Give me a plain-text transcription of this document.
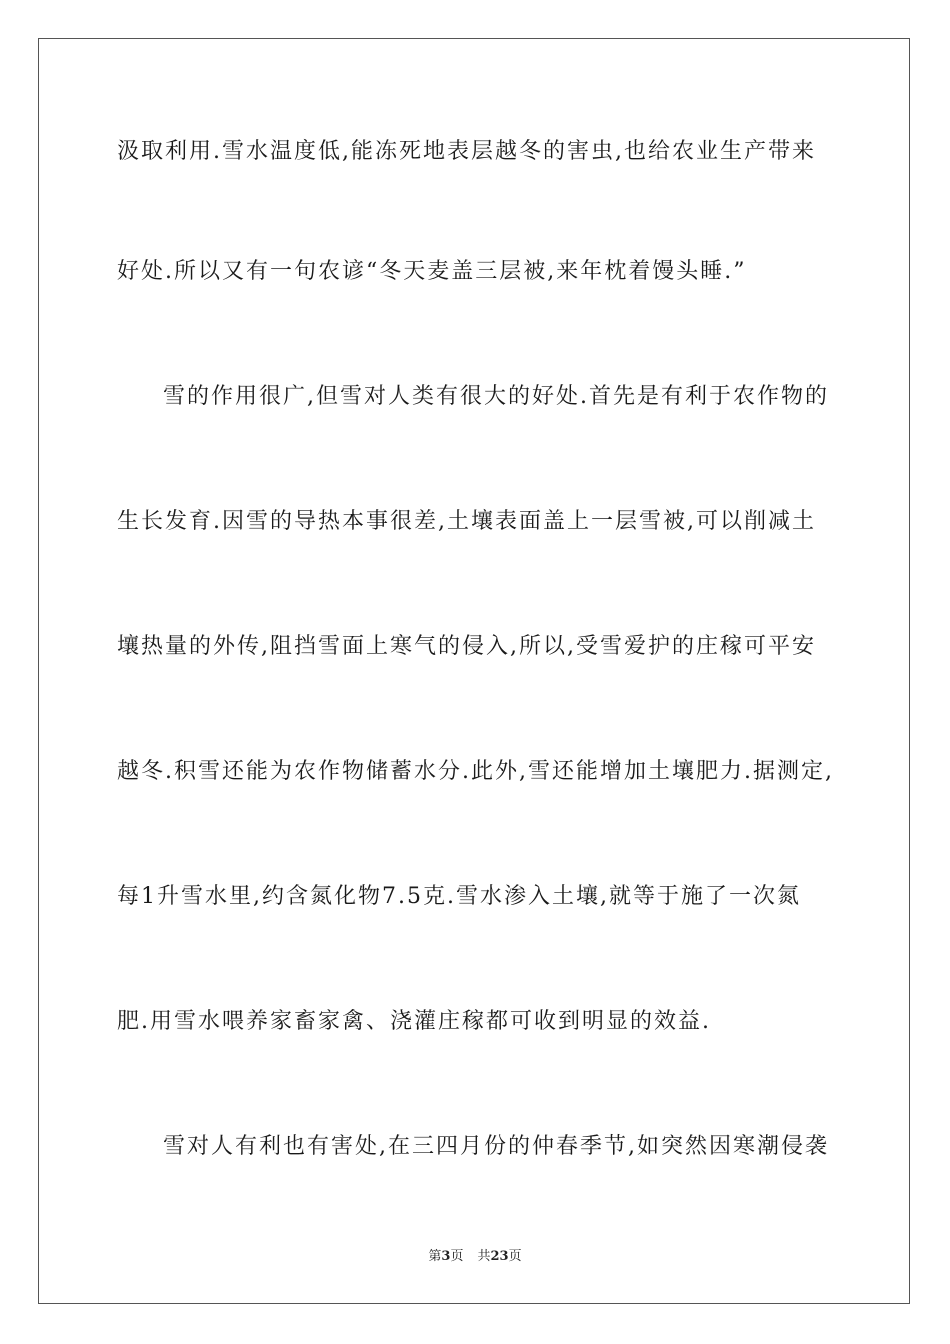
汲取利用.雪水温度低,能冻死地表层越冬的害虫,也给农业生产带来
好处.所以又有一句农谚“冬天麦盖三层被,来年枕着馒头睡.”
雪的作用很广,但雪对人类有很大的好处.首先是有利于农作物的
生长发育.因雪的导热本事很差,土壤表面盖上一层雪被,可以削减土
壤热量的外传,阻挡雪面上寒气的侵入,所以,受雪爱护的庄稼可平安
越冬.积雪还能为农作物储蓄水分.此外,雪还能增加土壤肥力.据测定,
每1升雪水里,约含氮化物7.5克.雪水渗入土壤,就等于施了一次氮
肥.用雪水喂养家畜家禽、浇灌庄稼都可收到明显的效益.
雪对人有利也有害处,在三四月份的仲春季节,如突然因寒潮侵袭
第3页 共23页
